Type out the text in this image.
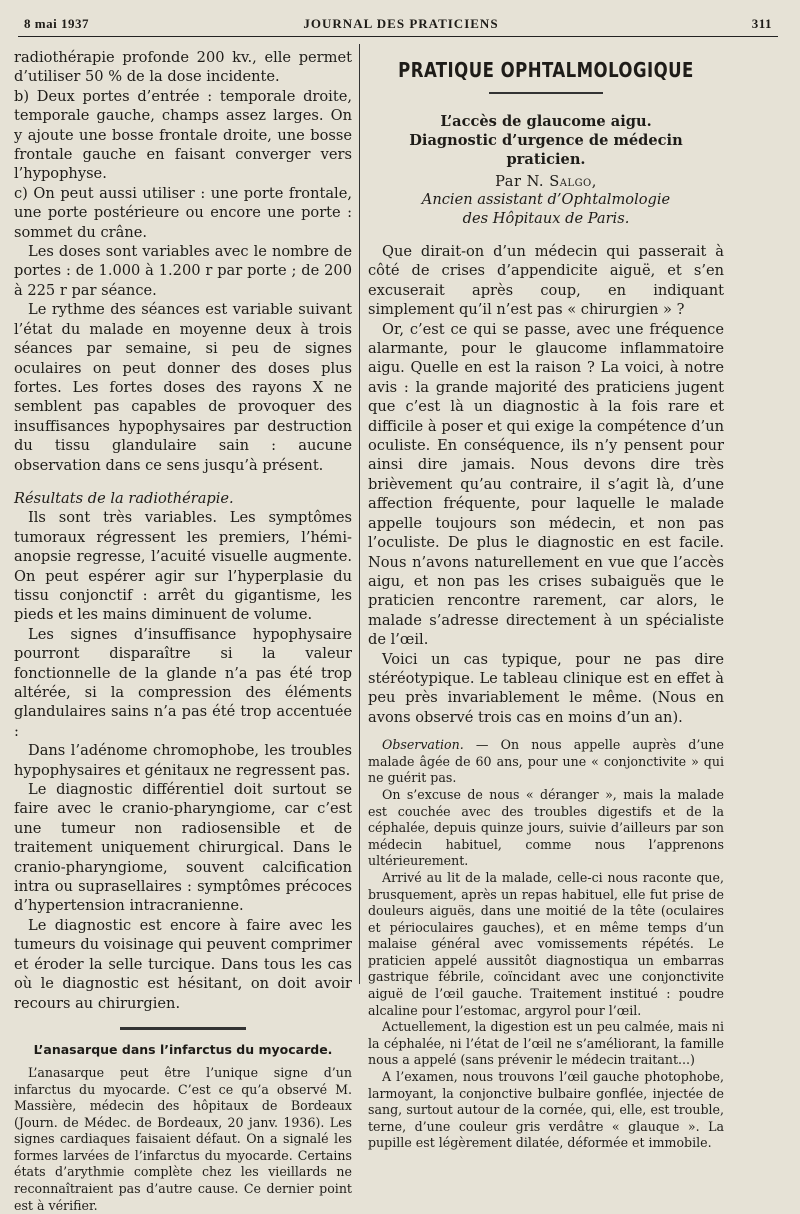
8 mai 1937	JOURNAL DES PRATICIENS	311

radiothérapie profonde 200 kv., elle permet d’utiliser 50 % de la dose incidente.

b) Deux portes d’entrée : temporale droite, temporale gauche, champs assez larges. On y ajoute une bosse frontale droite, une bosse frontale gauche en faisant converger vers l’hypophyse.

c) On peut aussi utiliser : une porte frontale, une porte postérieure ou encore une porte : sommet du crâne.

Les doses sont variables avec le nombre de portes : de 1.000 à 1.200 r par porte ; de 200 à 225 r par séance.

Le rythme des séances est variable suivant l’état du malade en moyenne deux à trois séances par semaine, si peu de signes oculaires on peut donner des doses plus fortes. Les fortes doses des rayons X ne semblent pas capables de provoquer des insuffisances hypophysaires par destruction du tissu glandulaire sain : aucune observation dans ce sens jusqu’à présent.

Résultats de la radiothérapie.

Ils sont très variables. Les symptômes tumoraux régressent les premiers, l’hémi-anopsie regresse, l’acuité visuelle augmente. On peut espérer agir sur l’hyperplasie du tissu conjonctif : arrêt du gigantisme, les pieds et les mains diminuent de volume.

Les signes d’insuffisance hypophysaire pourront disparaître si la valeur fonctionnelle de la glande n’a pas été trop altérée, si la compression des éléments glandulaires sains n’a pas été trop accentuée :

Dans l’adénome chromophobe, les troubles hypophysaires et génitaux ne regressent pas.

Le diagnostic différentiel doit surtout se faire avec le cranio-pharyngiome, car c’est une tumeur non radiosensible et de traitement uniquement chirurgical. Dans le cranio-pharyngiome, souvent calcification intra ou suprasellaires : symptômes précoces d’hypertension intracranienne.

Le diagnostic est encore à faire avec les tumeurs du voisinage qui peuvent comprimer et éroder la selle turcique. Dans tous les cas où le diagnostic est hésitant, on doit avoir recours au chirurgien.

L’anasarque dans l’infarctus du myocarde.

L’anasarque peut être l’unique signe d’un infarctus du myocarde. C’est ce qu’a observé M. Massière, médecin des hôpitaux de Bordeaux (Journ. de Médec. de Bordeaux, 20 janv. 1936). Les signes cardiaques faisaient défaut. On a signalé les formes larvées de l’infarctus du myocarde. Certains états d’arythmie complète chez les vieillards ne reconnaîtraient pas d’autre cause. Ce dernier point est à vérifier.

PRATIQUE OPHTALMOLOGIQUE
L’accès de glaucome aigu.
Diagnostic d’urgence de médecin praticien.
Par N. Salgo,
Ancien assistant d’Ophtalmologie
des Hôpitaux de Paris.

Que dirait-on d’un médecin qui passerait à côté de crises d’appendicite aiguë, et s’en excuserait après coup, en indiquant simplement qu’il n’est pas « chirurgien » ?

Or, c’est ce qui se passe, avec une fréquence alarmante, pour le glaucome inflammatoire aigu. Quelle en est la raison ? La voici, à notre avis : la grande majorité des praticiens jugent que c’est là un diagnostic à la fois rare et difficile à poser et qui exige la compétence d’un oculiste. En conséquence, ils n’y pensent pour ainsi dire jamais. Nous devons dire très brièvement qu’au contraire, il s’agit là, d’une affection fréquente, pour laquelle le malade appelle toujours son médecin, et non pas l’oculiste. De plus le diagnostic en est facile. Nous n’avons naturellement en vue que l’accès aigu, et non pas les crises subaiguës que le praticien rencontre rarement, car alors, le malade s’adresse directement à un spécialiste de l’œil.

Voici un cas typique, pour ne pas dire stéréotypique. Le tableau clinique est en effet à peu près invariablement le même. (Nous en avons observé trois cas en moins d’un an).

Observation. — On nous appelle auprès d’une malade âgée de 60 ans, pour une « conjonctivite » qui ne guérit pas.

On s’excuse de nous « déranger », mais la malade est couchée avec des troubles digestifs et de la céphalée, depuis quinze jours, suivie d’ailleurs par son médecin habituel, comme nous l’apprenons ultérieurement.

Arrivé au lit de la malade, celle-ci nous raconte que, brusquement, après un repas habituel, elle fut prise de douleurs aiguës, dans une moitié de la tête (oculaires et périoculaires gauches), et en même temps d’un malaise général avec vomissements répétés. Le praticien appelé aussitôt diagnostiqua un embarras gastrique fébrile, coïncidant avec une conjonctivite aiguë de l’œil gauche. Traitement institué : poudre alcaline pour l’estomac, argyrol pour l’œil.

Actuellement, la digestion est un peu calmée, mais ni la céphalée, ni l’état de l’œil ne s’améliorant, la famille nous a appelé (sans prévenir le médecin traitant...)

A l’examen, nous trouvons l’œil gauche photophobe, larmoyant, la conjonctive bulbaire gonflée, injectée de sang, surtout autour de la cornée, qui, elle, est trouble, terne, d’une couleur gris verdâtre « glauque ». La pupille est légèrement dilatée, déformée et immobile.
